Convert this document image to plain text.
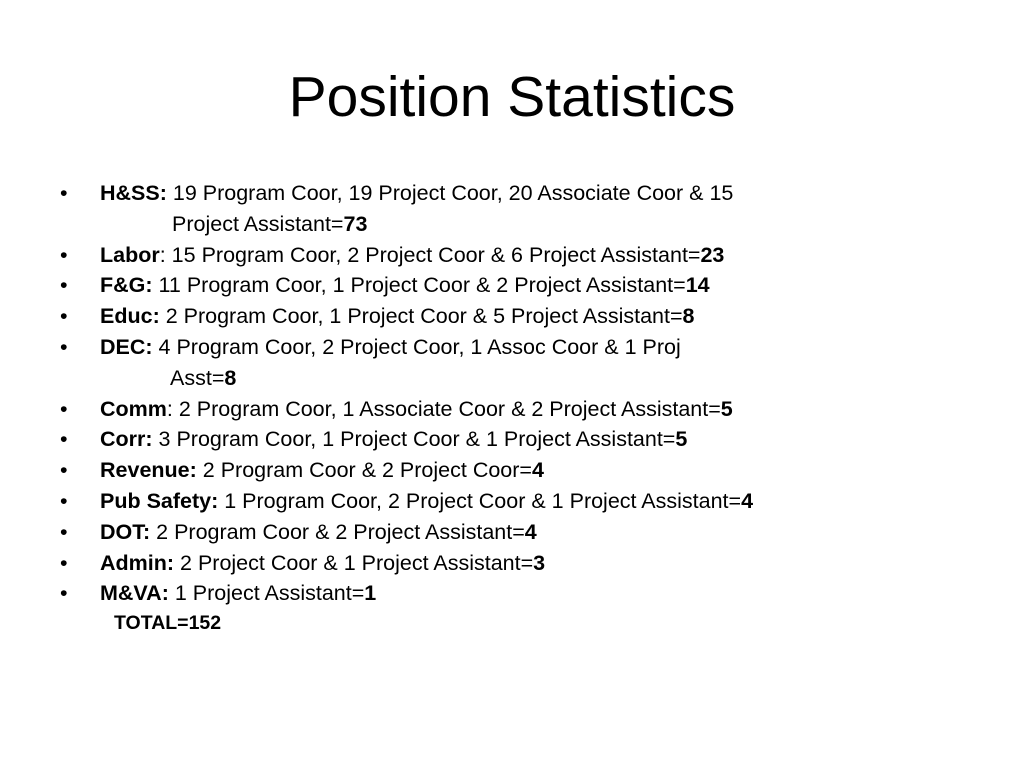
Position Statistics
•	H&SS: 19 Program Coor, 19 Project Coor, 20 Associate Coor & 15
Project Assistant=73
•	Labor: 15 Program Coor, 2 Project Coor & 6 Project Assistant=23
•	F&G: 11 Program Coor, 1 Project Coor & 2 Project Assistant=14
•	Educ: 2 Program Coor, 1 Project Coor & 5 Project Assistant=8
•	DEC: 4 Program Coor, 2 Project Coor, 1 Assoc Coor & 1 Proj
Asst=8
•	Comm: 2 Program Coor, 1 Associate Coor & 2 Project Assistant=5
•	Corr: 3 Program Coor, 1 Project Coor & 1 Project Assistant=5
•	Revenue: 2 Program Coor & 2 Project Coor=4
•	Pub Safety: 1 Program Coor, 2 Project Coor & 1 Project Assistant=4
•	DOT: 2 Program Coor & 2 Project Assistant=4
•	Admin: 2 Project Coor & 1 Project Assistant=3
•	M&VA: 1 Project Assistant=1
TOTAL=152
